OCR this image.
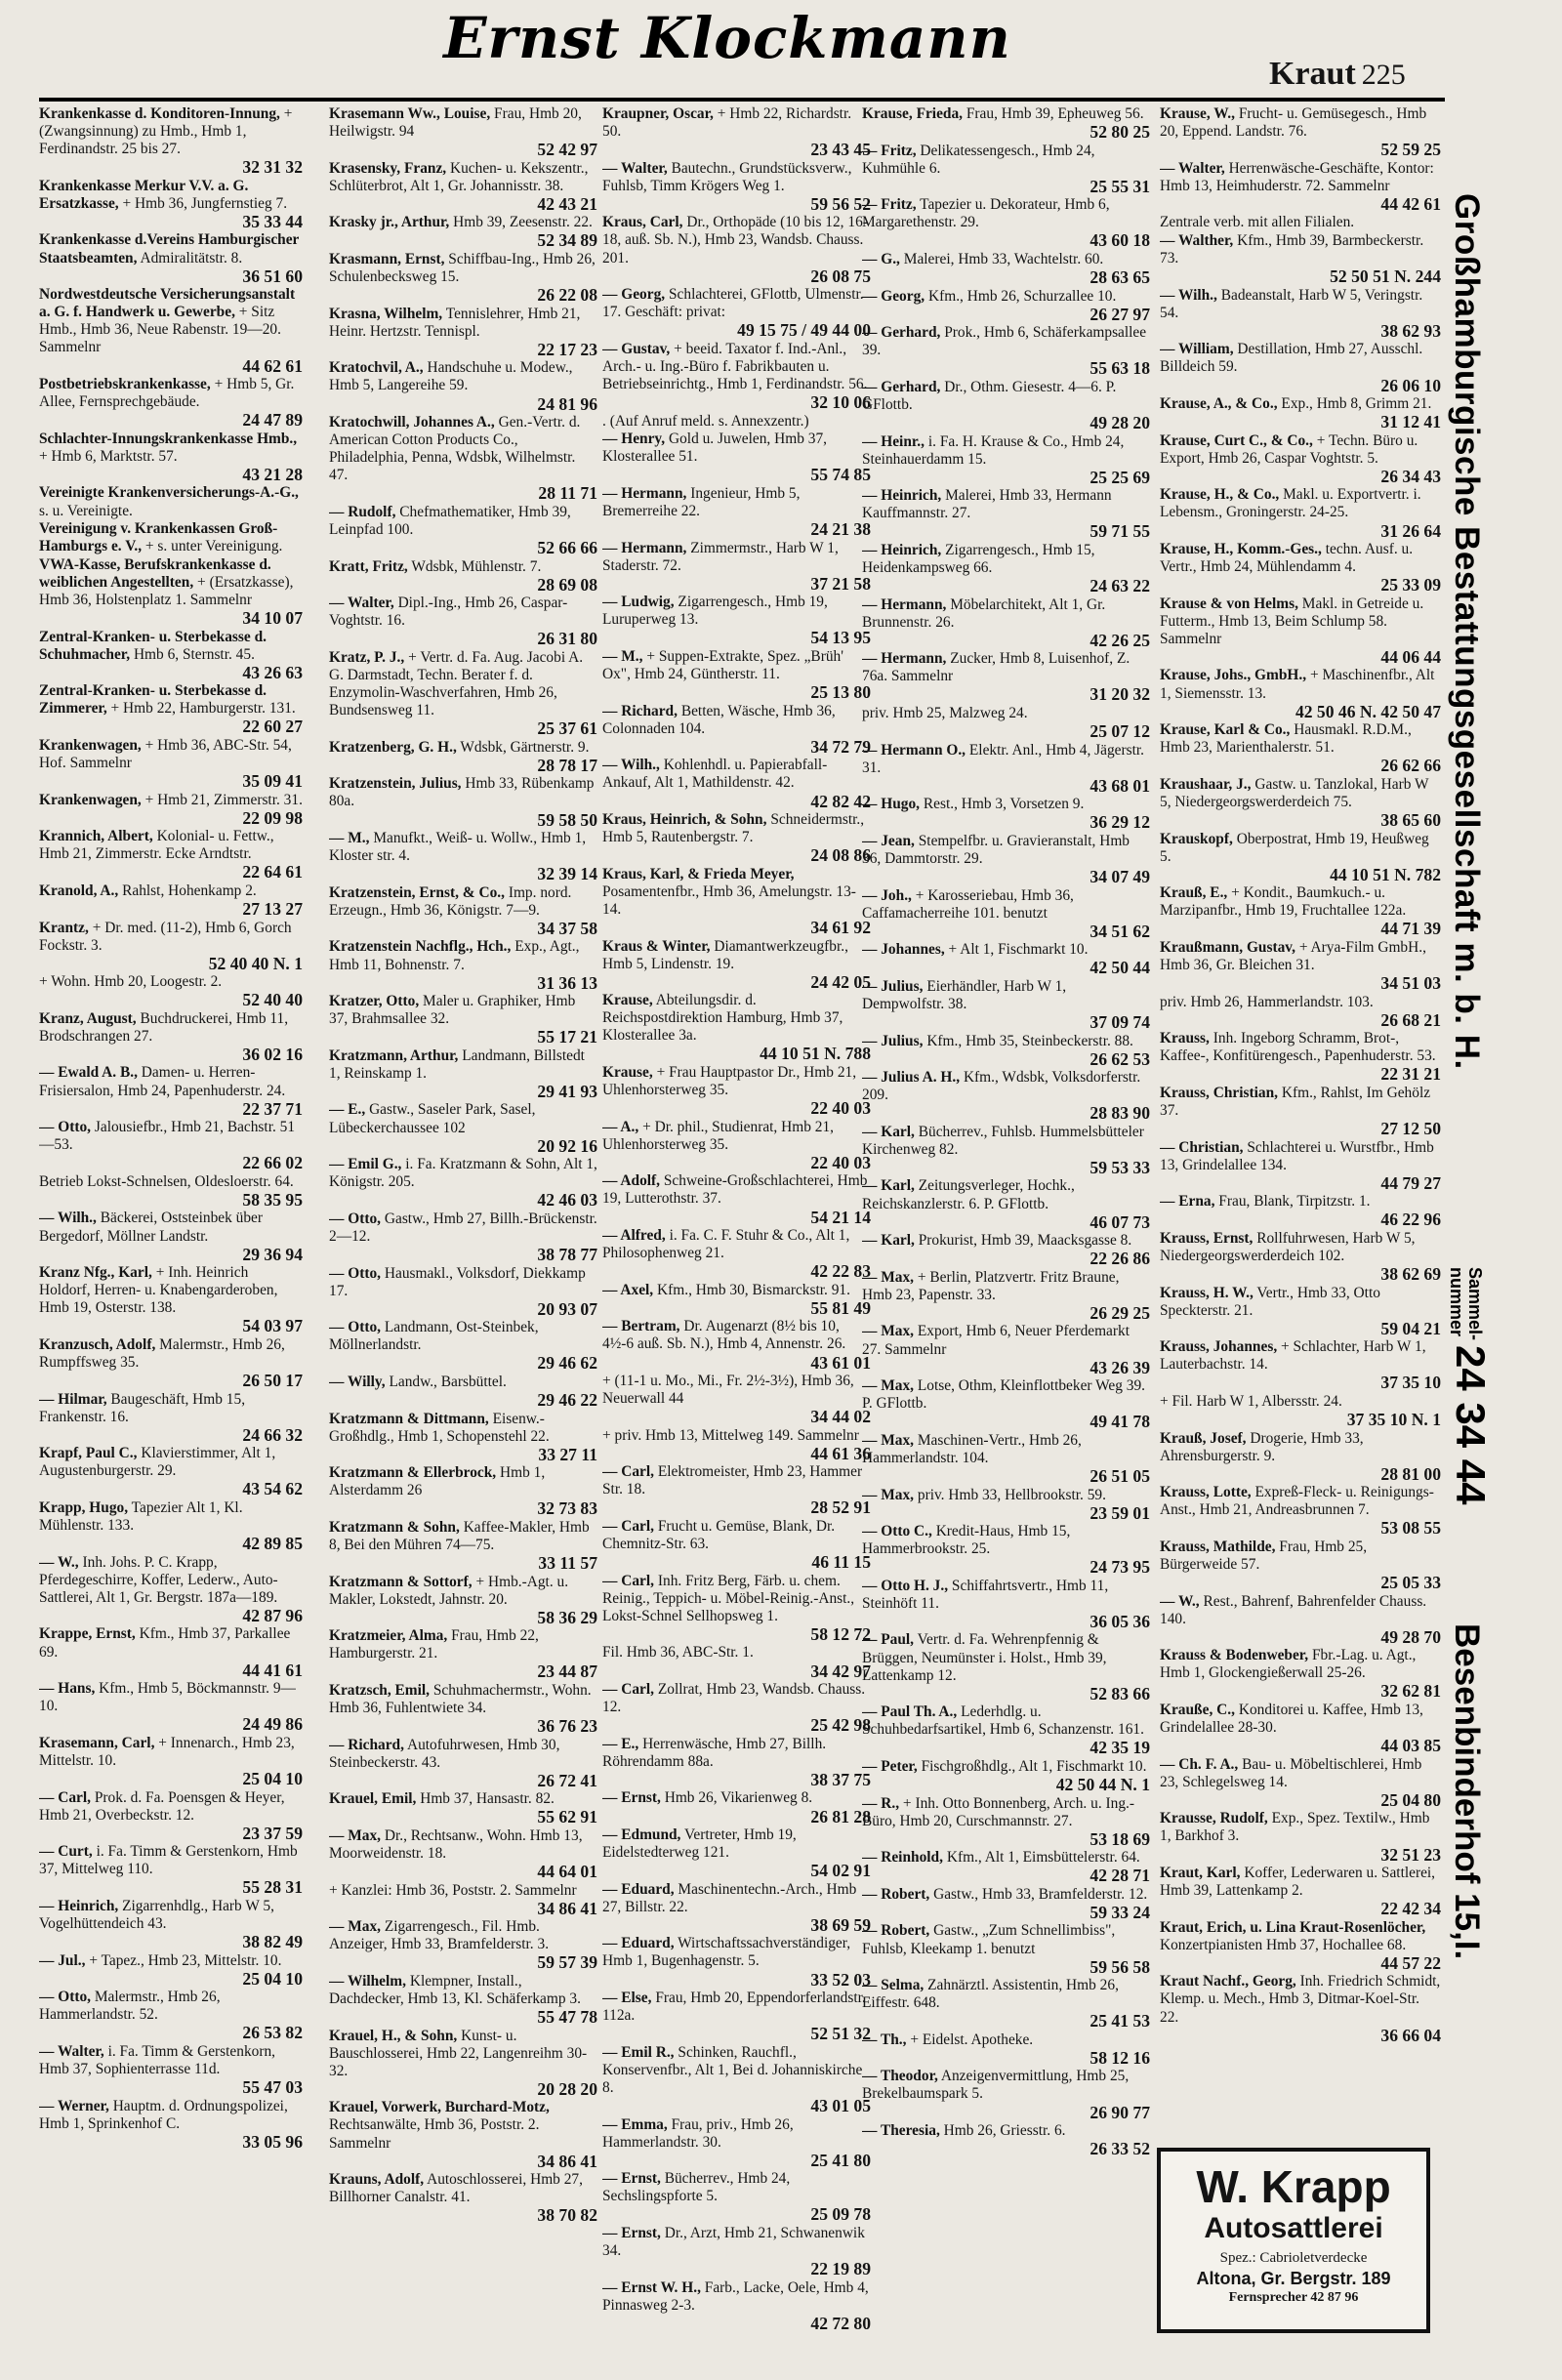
Ernst Klockmann
Kraut 225
Krankenkasse d. Konditoren-Innung, + (Zwangsinnung) zu Hmb., Hmb 1, Ferdinandstr. 25 bis 27.
32 31 32
Krankenkasse Merkur V.V. a. G. Ersatzkasse, + Hmb 36, Jungfernstieg 7.
35 33 44
Krankenkasse d.Vereins Hamburgischer Staatsbeamten, Admiralitätstr. 8.
36 51 60
Nordwestdeutsche Versicherungsanstalt a. G. f. Handwerk u. Gewerbe, + Sitz Hmb., Hmb 36, Neue Rabenstr. 19—20. Sammelnr
44 62 61
Postbetriebskrankenkasse, + Hmb 5, Gr. Allee, Fernsprechgebäude.
24 47 89
Schlachter-Innungskrankenkasse Hmb., + Hmb 6, Marktstr. 57.
43 21 28
Vereinigte Krankenversicherungs-A.-G., s. u. Vereinigte.
Vereinigung v. Krankenkassen Groß-Hamburgs e. V., + s. unter Vereinigung.
VWA-Kasse, Berufskrankenkasse d. weiblichen Angestellten, + (Ersatzkasse), Hmb 36, Holstenplatz 1. Sammelnr
34 10 07
Zentral-Kranken- u. Sterbekasse d. Schuhmacher, Hmb 6, Sternstr. 45.
43 26 63
Zentral-Kranken- u. Sterbekasse d. Zimmerer, + Hmb 22, Hamburgerstr. 131.
22 60 27
Krankenwagen, + Hmb 36, ABC-Str. 54, Hof. Sammelnr
35 09 41
Krankenwagen, + Hmb 21, Zimmerstr. 31.
22 09 98
Krannich, Albert, Kolonial- u. Fettw., Hmb 21, Zimmerstr. Ecke Arndtstr.
22 64 61
Kranold, A., Rahlst, Hohenkamp 2.
27 13 27
Krantz, + Dr. med. (11-2), Hmb 6, Gorch Fockstr. 3.
52 40 40 N. 1
+ Wohn. Hmb 20, Loogestr. 2.
52 40 40
Kranz, August, Buchdruckerei, Hmb 11, Brodschrangen 27.
36 02 16
— Ewald A. B., Damen- u. Herren-Frisiersalon, Hmb 24, Papenhuderstr. 24.
22 37 71
— Otto, Jalousiefbr., Hmb 21, Bachstr. 51—53.
22 66 02
Betrieb Lokst-Schnelsen, Oldesloerstr. 64.
58 35 95
— Wilh., Bäckerei, Oststeinbek über Bergedorf, Möllner Landstr.
29 36 94
Kranz Nfg., Karl, + Inh. Heinrich Holdorf, Herren- u. Knabengarderoben, Hmb 19, Osterstr. 138.
54 03 97
Kranzusch, Adolf, Malermstr., Hmb 26, Rumpffsweg 35.
26 50 17
— Hilmar, Baugeschäft, Hmb 15, Frankenstr. 16.
24 66 32
Krapf, Paul C., Klavierstimmer, Alt 1, Augustenburgerstr. 29.
43 54 62
Krapp, Hugo, Tapezier Alt 1, Kl. Mühlenstr. 133.
42 89 85
— W., Inh. Johs. P. C. Krapp, Pferdegeschirre, Koffer, Lederw., Auto-Sattlerei, Alt 1, Gr. Bergstr. 187a—189.
42 87 96
Krappe, Ernst, Kfm., Hmb 37, Parkallee 69.
44 41 61
— Hans, Kfm., Hmb 5, Böckmannstr. 9—10.
24 49 86
Krasemann, Carl, + Innenarch., Hmb 23, Mittelstr. 10.
25 04 10
— Carl, Prok. d. Fa. Poensgen & Heyer, Hmb 21, Overbeckstr. 12.
23 37 59
— Curt, i. Fa. Timm & Gerstenkorn, Hmb 37, Mittelweg 110.
55 28 31
— Heinrich, Zigarrenhdlg., Harb W 5, Vogelhüttendeich 43.
38 82 49
— Jul., + Tapez., Hmb 23, Mittelstr. 10.
25 04 10
— Otto, Malermstr., Hmb 26, Hammerlandstr. 52.
26 53 82
— Walter, i. Fa. Timm & Gerstenkorn, Hmb 37, Sophienterrasse 11d.
55 47 03
— Werner, Hauptm. d. Ordnungspolizei, Hmb 1, Sprinkenhof C.
33 05 96
Krasemann Ww., Louise, Frau, Hmb 20, Heilwigstr. 94
52 42 97
Krasensky, Franz, Kuchen- u. Kekszentr., Schlüterbrot, Alt 1, Gr. Johannisstr. 38.
42 43 21
Krasky jr., Arthur, Hmb 39, Zeesenstr. 22.
52 34 89
Krasmann, Ernst, Schiffbau-Ing., Hmb 26, Schulenbecksweg 15.
26 22 08
Krasna, Wilhelm, Tennislehrer, Hmb 21, Heinr. Hertzstr. Tennispl.
22 17 23
Kratochvil, A., Handschuhe u. Modew., Hmb 5, Langereihe 59.
24 81 96
Kratochwill, Johannes A., Gen.-Vertr. d. American Cotton Products Co., Philadelphia, Penna, Wdsbk, Wilhelmstr. 47.
28 11 71
— Rudolf, Chefmathematiker, Hmb 39, Leinpfad 100.
52 66 66
Kratt, Fritz, Wdsbk, Mühlenstr. 7.
28 69 08
— Walter, Dipl.-Ing., Hmb 26, Caspar-Voghtstr. 16.
26 31 80
Kratz, P. J., + Vertr. d. Fa. Aug. Jacobi A. G. Darmstadt, Techn. Berater f. d. Enzymolin-Waschverfahren, Hmb 26, Bundsensweg 11.
25 37 61
Kratzenberg, G. H., Wdsbk, Gärtnerstr. 9.
28 78 17
Kratzenstein, Julius, Hmb 33, Rübenkamp 80a.
59 58 50
— M., Manufkt., Weiß- u. Wollw., Hmb 1, Kloster str. 4.
32 39 14
Kratzenstein, Ernst, & Co., Imp. nord. Erzeugn., Hmb 36, Königstr. 7—9.
34 37 58
Kratzenstein Nachflg., Hch., Exp., Agt., Hmb 11, Bohnenstr. 7.
31 36 13
Kratzer, Otto, Maler u. Graphiker, Hmb 37, Brahmsallee 32.
55 17 21
Kratzmann, Arthur, Landmann, Billstedt 1, Reinskamp 1.
29 41 93
— E., Gastw., Saseler Park, Sasel, Lübeckerchaussee 102
20 92 16
— Emil G., i. Fa. Kratzmann & Sohn, Alt 1, Königstr. 205.
42 46 03
— Otto, Gastw., Hmb 27, Billh.-Brückenstr. 2—12.
38 78 77
— Otto, Hausmakl., Volksdorf, Diekkamp 17.
20 93 07
— Otto, Landmann, Ost-Steinbek, Möllnerlandstr.
29 46 62
— Willy, Landw., Barsbüttel.
29 46 22
Kratzmann & Dittmann, Eisenw.-Großhdlg., Hmb 1, Schopenstehl 22.
33 27 11
Kratzmann & Ellerbrock, Hmb 1, Alsterdamm 26
32 73 83
Kratzmann & Sohn, Kaffee-Makler, Hmb 8, Bei den Mühren 74—75.
33 11 57
Kratzmann & Sottorf, + Hmb.-Agt. u. Makler, Lokstedt, Jahnstr. 20.
58 36 29
Kratzmeier, Alma, Frau, Hmb 22, Hamburgerstr. 21.
23 44 87
Kratzsch, Emil, Schuhmachermstr., Wohn. Hmb 36, Fuhlentwiete 34.
36 76 23
— Richard, Autofuhrwesen, Hmb 30, Steinbeckerstr. 43.
26 72 41
Krauel, Emil, Hmb 37, Hansastr. 82.
55 62 91
— Max, Dr., Rechtsanw., Wohn. Hmb 13, Moorweidenstr. 18.
44 64 01
+ Kanzlei: Hmb 36, Poststr. 2. Sammelnr
34 86 41
— Max, Zigarrengesch., Fil. Hmb. Anzeiger, Hmb 33, Bramfelderstr. 3.
59 57 39
— Wilhelm, Klempner, Install., Dachdecker, Hmb 13, Kl. Schäferkamp 3.
55 47 78
Krauel, H., & Sohn, Kunst- u. Bauschlosserei, Hmb 22, Langenreihm 30-32.
20 28 20
Krauel, Vorwerk, Burchard-Motz, Rechtsanwälte, Hmb 36, Poststr. 2. Sammelnr
34 86 41
Krauns, Adolf, Autoschlosserei, Hmb 27, Billhorner Canalstr. 41.
38 70 82
Kraupner, Oscar, + Hmb 22, Richardstr. 50.
23 43 45
— Walter, Bautechn., Grundstücksverw., Fuhlsb, Timm Krögers Weg 1.
59 56 52
Kraus, Carl, Dr., Orthopäde (10 bis 12, 16-18, auß. Sb. N.), Hmb 23, Wandsb. Chauss. 201.
26 08 75
— Georg, Schlachterei, GFlottb, Ulmenstr. 17. Geschäft: privat:
49 15 75 / 49 44 00
— Gustav, + beeid. Taxator f. Ind.-Anl., Arch.- u. Ing.-Büro f. Fabrikbauten u. Betriebseinrichtg., Hmb 1, Ferdinandstr. 56.
32 10 06
. (Auf Anruf meld. s. Annexzentr.)
— Henry, Gold u. Juwelen, Hmb 37, Klosterallee 51.
55 74 85
— Hermann, Ingenieur, Hmb 5, Bremerreihe 22.
24 21 38
— Hermann, Zimmermstr., Harb W 1, Staderstr. 72.
37 21 58
— Ludwig, Zigarrengesch., Hmb 19, Luruperweg 13.
54 13 95
— M., + Suppen-Extrakte, Spez. „Brüh' Ox", Hmb 24, Güntherstr. 11.
25 13 80
— Richard, Betten, Wäsche, Hmb 36, Colonnaden 104.
34 72 79
— Wilh., Kohlenhdl. u. Papierabfall-Ankauf, Alt 1, Mathildenstr. 42.
42 82 42
Kraus, Heinrich, & Sohn, Schneidermstr., Hmb 5, Rautenbergstr. 7.
24 08 86
Kraus, Karl, & Frieda Meyer, Posamentenfbr., Hmb 36, Amelungstr. 13-14.
34 61 92
Kraus & Winter, Diamantwerkzeugfbr., Hmb 5, Lindenstr. 19.
24 42 05
Krause, Abteilungsdir. d. Reichspostdirektion Hamburg, Hmb 37, Klosterallee 3a.
44 10 51 N. 788
Krause, + Frau Hauptpastor Dr., Hmb 21, Uhlenhorsterweg 35.
22 40 03
— A., + Dr. phil., Studienrat, Hmb 21, Uhlenhorsterweg 35.
22 40 03
— Adolf, Schweine-Großschlachterei, Hmb 19, Lutterothstr. 37.
54 21 14
— Alfred, i. Fa. C. F. Stuhr & Co., Alt 1, Philosophenweg 21.
42 22 83
— Axel, Kfm., Hmb 30, Bismarckstr. 91.
55 81 49
— Bertram, Dr. Augenarzt (8½ bis 10, 4½-6 auß. Sb. N.), Hmb 4, Annenstr. 26.
43 61 01
+ (11-1 u. Mo., Mi., Fr. 2½-3½), Hmb 36, Neuerwall 44
34 44 02
+ priv. Hmb 13, Mittelweg 149. Sammelnr
44 61 36
— Carl, Elektromeister, Hmb 23, Hammer Str. 18.
28 52 91
— Carl, Frucht u. Gemüse, Blank, Dr. Chemnitz-Str. 63.
46 11 15
— Carl, Inh. Fritz Berg, Färb. u. chem. Reinig., Teppich- u. Möbel-Reinig.-Anst., Lokst-Schnel Sellhopsweg 1.
58 12 72
Fil. Hmb 36, ABC-Str. 1.
34 42 97
— Carl, Zollrat, Hmb 23, Wandsb. Chauss. 12.
25 42 98
— E., Herrenwäsche, Hmb 27, Billh. Röhrendamm 88a.
38 37 75
— Ernst, Hmb 26, Vikarienweg 8.
26 81 28
— Edmund, Vertreter, Hmb 19, Eidelstedterweg 121.
54 02 91
— Eduard, Maschinentechn.-Arch., Hmb 27, Billstr. 22.
38 69 59
— Eduard, Wirtschaftssachverständiger, Hmb 1, Bugenhagenstr. 5.
33 52 03
— Else, Frau, Hmb 20, Eppendorferlandstr. 112a.
52 51 32
— Emil R., Schinken, Rauchfl., Konservenfbr., Alt 1, Bei d. Johanniskirche 8.
43 01 05
— Emma, Frau, priv., Hmb 26, Hammerlandstr. 30.
25 41 80
— Ernst, Bücherrev., Hmb 24, Sechslingspforte 5.
25 09 78
— Ernst, Dr., Arzt, Hmb 21, Schwanenwik 34.
22 19 89
— Ernst W. H., Farb., Lacke, Oele, Hmb 4, Pinnasweg 2-3.
42 72 80
Krause, Frieda, Frau, Hmb 39, Epheuweg 56.
52 80 25
— Fritz, Delikatessengesch., Hmb 24, Kuhmühle 6.
25 55 31
— Fritz, Tapezier u. Dekorateur, Hmb 6, Margarethenstr. 29.
43 60 18
— G., Malerei, Hmb 33, Wachtelstr. 60.
28 63 65
— Georg, Kfm., Hmb 26, Schurzallee 10.
26 27 97
— Gerhard, Prok., Hmb 6, Schäferkampsallee 39.
55 63 18
— Gerhard, Dr., Othm. Giesestr. 4—6. P. GFlottb.
49 28 20
— Heinr., i. Fa. H. Krause & Co., Hmb 24, Steinhauerdamm 15.
25 25 69
— Heinrich, Malerei, Hmb 33, Hermann Kauffmannstr. 27.
59 71 55
— Heinrich, Zigarrengesch., Hmb 15, Heidenkampsweg 66.
24 63 22
— Hermann, Möbelarchitekt, Alt 1, Gr. Brunnenstr. 26.
42 26 25
— Hermann, Zucker, Hmb 8, Luisenhof, Z. 76a. Sammelnr
31 20 32
priv. Hmb 25, Malzweg 24.
25 07 12
— Hermann O., Elektr. Anl., Hmb 4, Jägerstr. 31.
43 68 01
— Hugo, Rest., Hmb 3, Vorsetzen 9.
36 29 12
— Jean, Stempelfbr. u. Gravieranstalt, Hmb 36, Dammtorstr. 29.
34 07 49
— Joh., + Karosseriebau, Hmb 36, Caffamacherreihe 101. benutzt
34 51 62
— Johannes, + Alt 1, Fischmarkt 10.
42 50 44
— Julius, Eierhändler, Harb W 1, Dempwolfstr. 38.
37 09 74
— Julius, Kfm., Hmb 35, Steinbeckerstr. 88.
26 62 53
— Julius A. H., Kfm., Wdsbk, Volksdorferstr. 209.
28 83 90
— Karl, Bücherrev., Fuhlsb. Hummelsbütteler Kirchenweg 82.
59 53 33
— Karl, Zeitungsverleger, Hochk., Reichskanzlerstr. 6. P. GFlottb.
46 07 73
— Karl, Prokurist, Hmb 39, Maacksgasse 8.
22 26 86
— Max, + Berlin, Platzvertr. Fritz Braune, Hmb 23, Papenstr. 33.
26 29 25
— Max, Export, Hmb 6, Neuer Pferdemarkt 27. Sammelnr
43 26 39
— Max, Lotse, Othm, Kleinflottbeker Weg 39. P. GFlottb.
49 41 78
— Max, Maschinen-Vertr., Hmb 26, Hammerlandstr. 104.
26 51 05
— Max, priv. Hmb 33, Hellbrookstr. 59.
23 59 01
— Otto C., Kredit-Haus, Hmb 15, Hammerbrookstr. 25.
24 73 95
— Otto H. J., Schiffahrtsvertr., Hmb 11, Steinhöft 11.
36 05 36
— Paul, Vertr. d. Fa. Wehrenpfennig & Brüggen, Neumünster i. Holst., Hmb 39, Lattenkamp 12.
52 83 66
— Paul Th. A., Lederhdlg. u. Schuhbedarfsartikel, Hmb 6, Schanzenstr. 161.
42 35 19
— Peter, Fischgroßhdlg., Alt 1, Fischmarkt 10.
42 50 44 N. 1
— R., + Inh. Otto Bonnenberg, Arch. u. Ing.-Büro, Hmb 20, Curschmannstr. 27.
53 18 69
— Reinhold, Kfm., Alt 1, Eimsbüttelerstr. 64.
42 28 71
— Robert, Gastw., Hmb 33, Bramfelderstr. 12.
59 33 24
— Robert, Gastw., „Zum Schnellimbiss", Fuhlsb, Kleekamp 1. benutzt
59 56 58
— Selma, Zahnärztl. Assistentin, Hmb 26, Eiffestr. 648.
25 41 53
— Th., + Eidelst. Apotheke.
58 12 16
— Theodor, Anzeigenvermittlung, Hmb 25, Brekelbaumspark 5.
26 90 77
— Theresia, Hmb 26, Griesstr. 6.
26 33 52
Krause, W., Frucht- u. Gemüsegesch., Hmb 20, Eppend. Landstr. 76.
52 59 25
— Walter, Herrenwäsche-Geschäfte, Kontor: Hmb 13, Heimhuderstr. 72. Sammelnr
44 42 61
Zentrale verb. mit allen Filialen.
— Walther, Kfm., Hmb 39, Barmbeckerstr. 73.
52 50 51 N. 244
— Wilh., Badeanstalt, Harb W 5, Veringstr. 54.
38 62 93
— William, Destillation, Hmb 27, Ausschl. Billdeich 59.
26 06 10
Krause, A., & Co., Exp., Hmb 8, Grimm 21.
31 12 41
Krause, Curt C., & Co., + Techn. Büro u. Export, Hmb 26, Caspar Voghtstr. 5.
26 34 43
Krause, H., & Co., Makl. u. Exportvertr. i. Lebensm., Groningerstr. 24-25.
31 26 64
Krause, H., Komm.-Ges., techn. Ausf. u. Vertr., Hmb 24, Mühlendamm 4.
25 33 09
Krause & von Helms, Makl. in Getreide u. Futterm., Hmb 13, Beim Schlump 58. Sammelnr
44 06 44
Krause, Johs., GmbH., + Maschinenfbr., Alt 1, Siemensstr. 13.
42 50 46 N. 42 50 47
Krause, Karl & Co., Hausmakl. R.D.M., Hmb 23, Marienthalerstr. 51.
26 62 66
Kraushaar, J., Gastw. u. Tanzlokal, Harb W 5, Niedergeorgswerderdeich 75.
38 65 60
Krauskopf, Oberpostrat, Hmb 19, Heußweg 5.
44 10 51 N. 782
Krauß, E., + Kondit., Baumkuch.- u. Marzipanfbr., Hmb 19, Fruchtallee 122a.
44 71 39
Kraußmann, Gustav, + Arya-Film GmbH., Hmb 36, Gr. Bleichen 31.
34 51 03
priv. Hmb 26, Hammerlandstr. 103.
26 68 21
Krauss, Inh. Ingeborg Schramm, Brot-, Kaffee-, Konfitürengesch., Papenhuderstr. 53.
22 31 21
Krauss, Christian, Kfm., Rahlst, Im Gehölz 37.
27 12 50
— Christian, Schlachterei u. Wurstfbr., Hmb 13, Grindelallee 134.
44 79 27
— Erna, Frau, Blank, Tirpitzstr. 1.
46 22 96
Krauss, Ernst, Rollfuhrwesen, Harb W 5, Niedergeorgswerderdeich 102.
38 62 69
Krauss, H. W., Vertr., Hmb 33, Otto Speckterstr. 21.
59 04 21
Krauss, Johannes, + Schlachter, Harb W 1, Lauterbachstr. 14.
37 35 10
+ Fil. Harb W 1, Albersstr. 24.
37 35 10 N. 1
Krauß, Josef, Drogerie, Hmb 33, Ahrensburgerstr. 9.
28 81 00
Krauss, Lotte, Expreß-Fleck- u. Reinigungs-Anst., Hmb 21, Andreasbrunnen 7.
53 08 55
Krauss, Mathilde, Frau, Hmb 25, Bürgerweide 57.
25 05 33
— W., Rest., Bahrenf, Bahrenfelder Chauss. 140.
49 28 70
Krauss & Bodenweber, Fbr.-Lag. u. Agt., Hmb 1, Glockengießerwall 25-26.
32 62 81
Krauße, C., Konditorei u. Kaffee, Hmb 13, Grindelallee 28-30.
44 03 85
— Ch. F. A., Bau- u. Möbeltischlerei, Hmb 23, Schlegelsweg 14.
25 04 80
Krausse, Rudolf, Exp., Spez. Textilw., Hmb 1, Barkhof 3.
32 51 23
Kraut, Karl, Koffer, Lederwaren u. Sattlerei, Hmb 39, Lattenkamp 2.
22 42 34
Kraut, Erich, u. Lina Kraut-Rosenlöcher, Konzertpianisten Hmb 37, Hochallee 68.
44 57 22
Kraut Nachf., Georg, Inh. Friedrich Schmidt, Klemp. u. Mech., Hmb 3, Ditmar-Koel-Str. 22.
36 66 04
Großhamburgische Bestattungsgesellschaft m. b. H.
Sammel-
nummer
24 34 44
Besenbinderhof 15,I.
W. Krapp
Autosattlerei
Spez.: Cabrioletverdecke
Altona, Gr. Bergstr. 189
Fernsprecher 42 87 96
